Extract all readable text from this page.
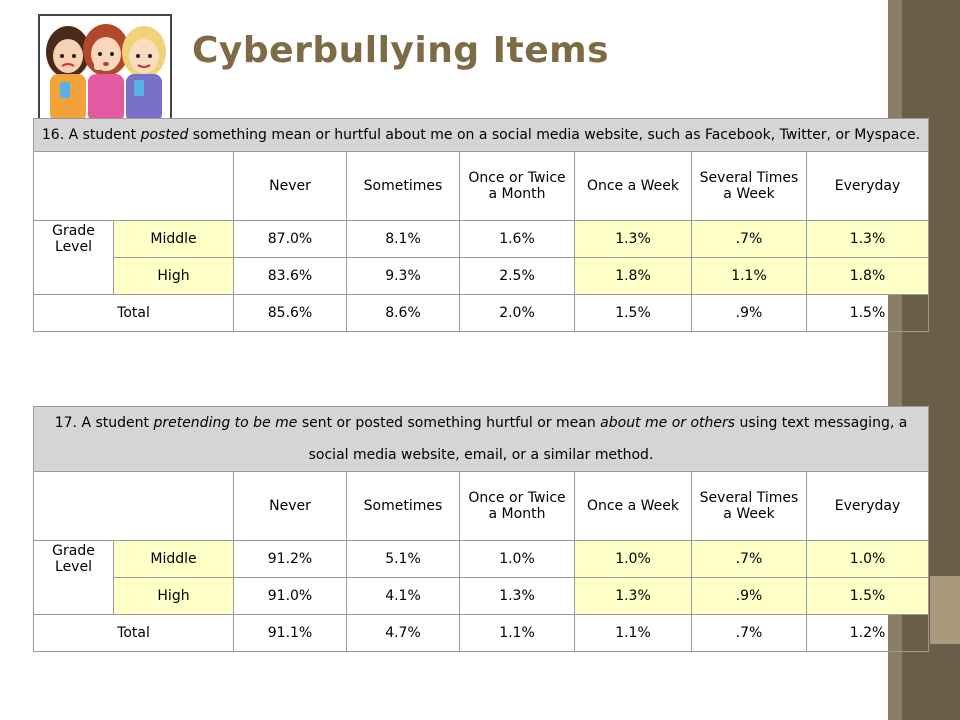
Cyberbullying Items
16. A student posted something mean or hurtful about me on a social media website, such as Facebook, Twitter, or Myspace.							
		Never	Sometimes	Once or Twice a Month	Once a Week	Several Times a Week	Everyday
Grade Level	Middle	87.0%	8.1%	1.6%	1.3%	.7%	1.3%
	High	83.6%	9.3%	2.5%	1.8%	1.1%	1.8%
Total		85.6%	8.6%	2.0%	1.5%	.9%	1.5%
17. A student pretending to be me sent or posted something hurtful or mean about me or others using text messaging, a social media website, email, or a similar method.							
		Never	Sometimes	Once or Twice a Month	Once a Week	Several Times a Week	Everyday
Grade Level	Middle	91.2%	5.1%	1.0%	1.0%	.7%	1.0%
	High	91.0%	4.1%	1.3%	1.3%	.9%	1.5%
Total		91.1%	4.7%	1.1%	1.1%	.7%	1.2%
